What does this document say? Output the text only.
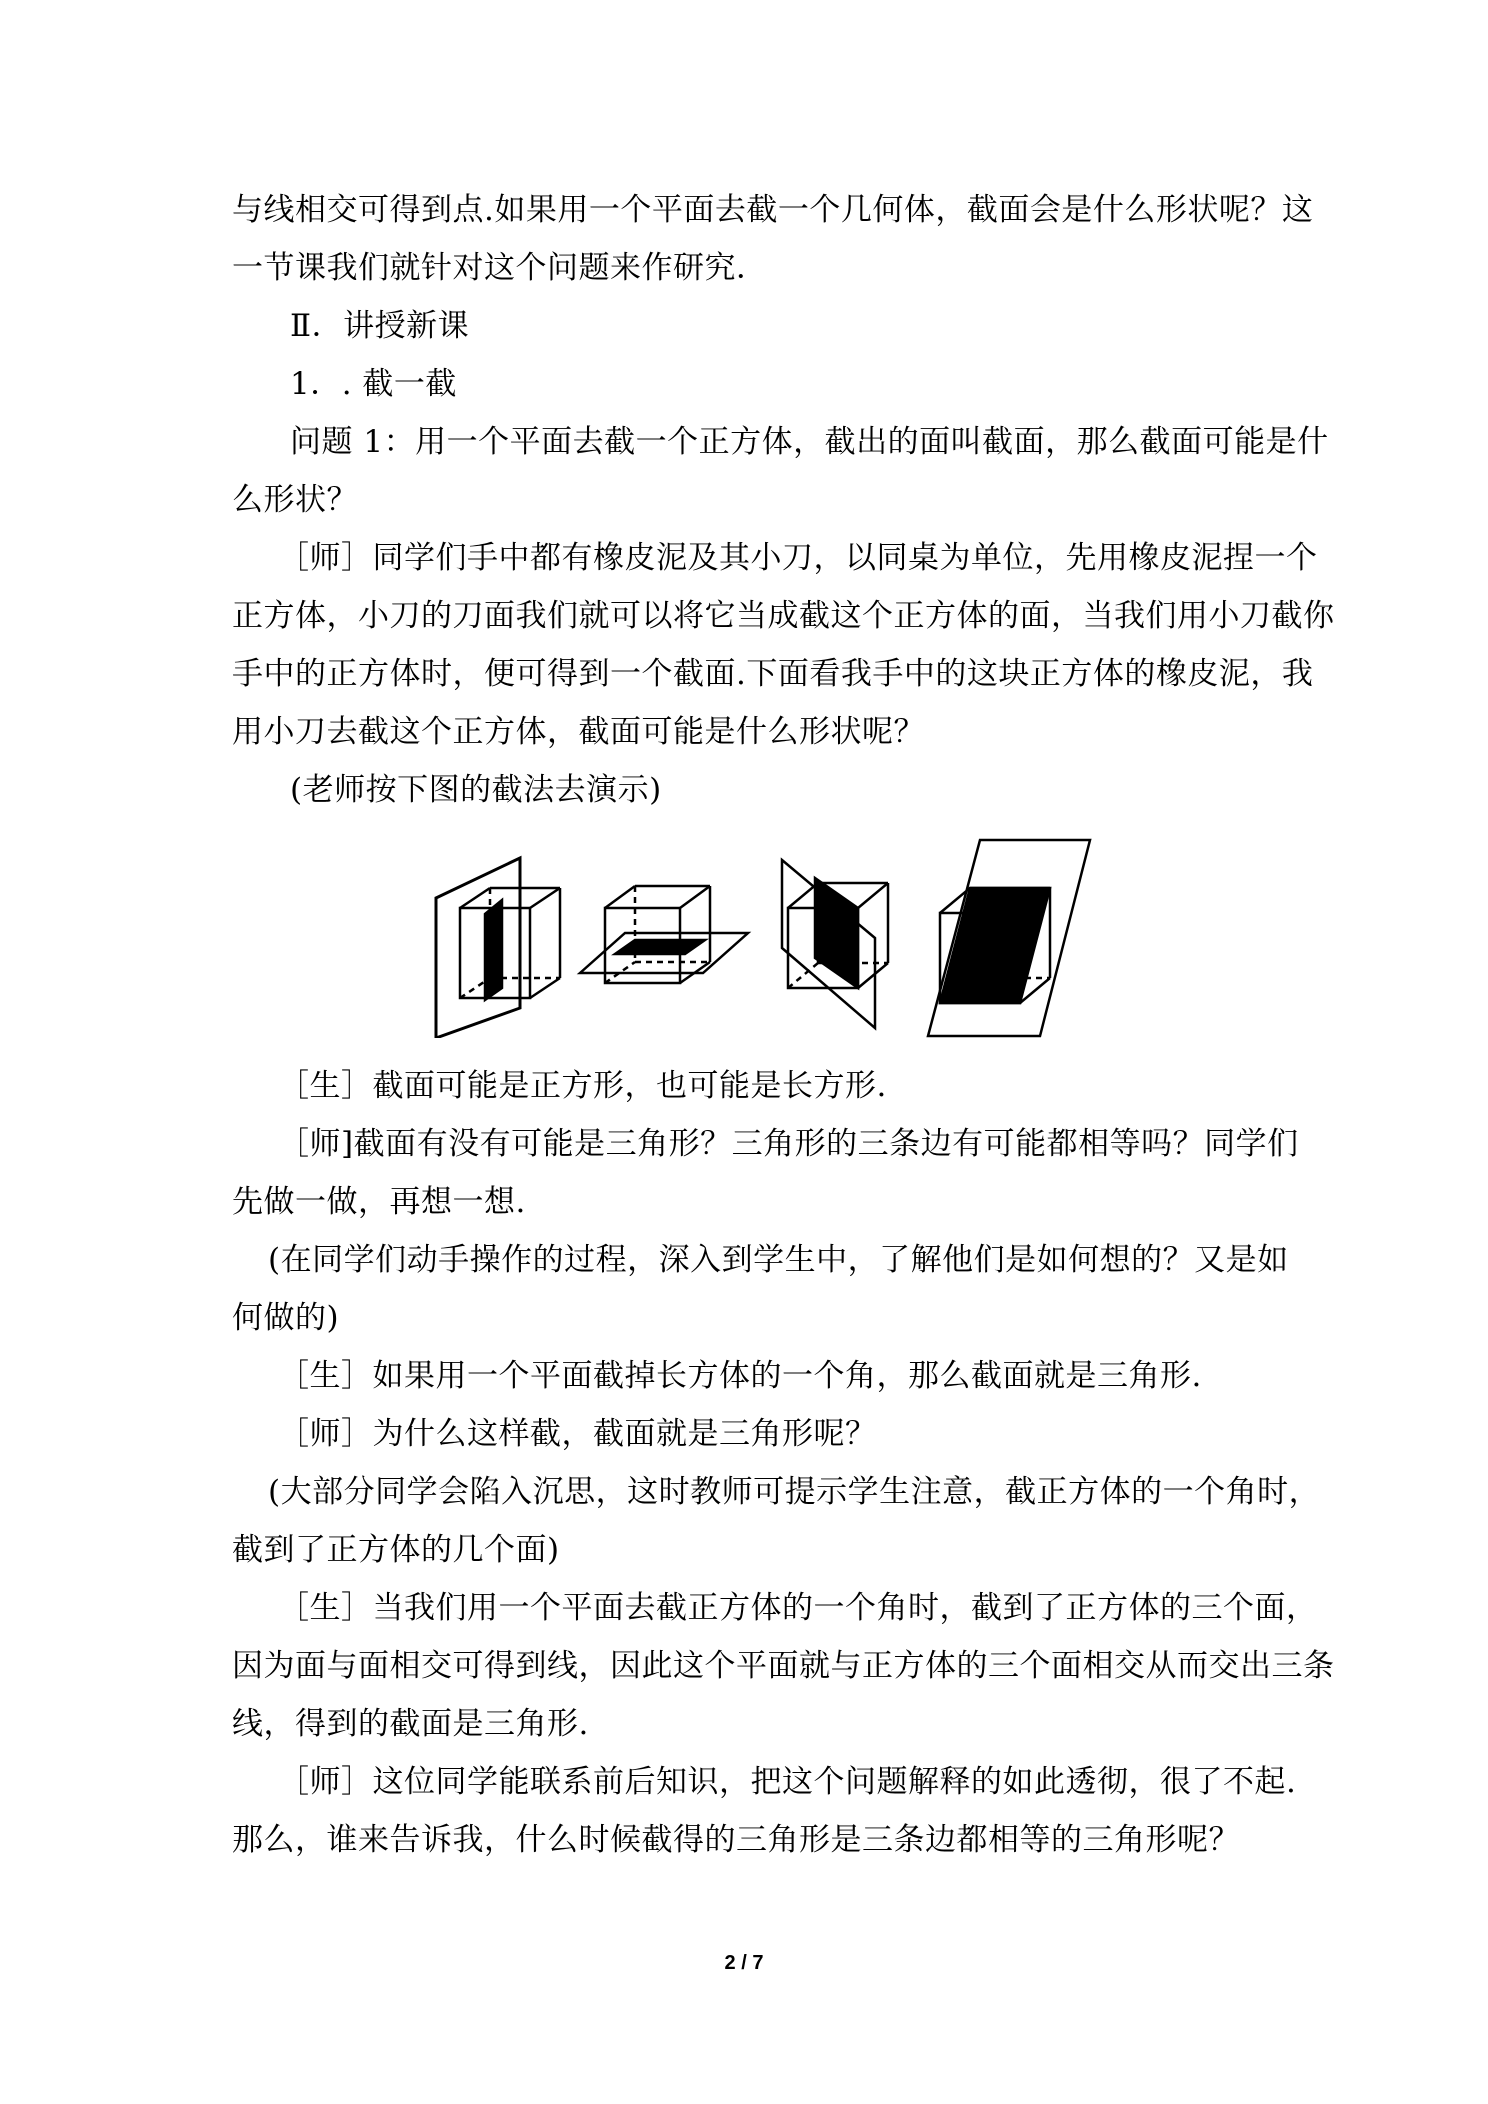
与线相交可得到点.如果用一个平面去截一个几何体，截面会是什么形状呢？这
一节课我们就针对这个问题来作研究．
Ⅱ．讲授新课
1．. 截一截
问题 1：用一个平面去截一个正方体，截出的面叫截面，那么截面可能是什
么形状？
［师］同学们手中都有橡皮泥及其小刀，以同桌为单位，先用橡皮泥捏一个
正方体，小刀的刀面我们就可以将它当成截这个正方体的面，当我们用小刀截你
手中的正方体时，便可得到一个截面.下面看我手中的这块正方体的橡皮泥，我
用小刀去截这个正方体，截面可能是什么形状呢？
(老师按下图的截法去演示)
［生］截面可能是正方形，也可能是长方形.
［师]截面有没有可能是三角形？三角形的三条边有可能都相等吗？同学们
先做一做，再想一想.
(在同学们动手操作的过程，深入到学生中，了解他们是如何想的？又是如
何做的)
［生］如果用一个平面截掉长方体的一个角，那么截面就是三角形.
［师］为什么这样截，截面就是三角形呢？
(大部分同学会陷入沉思，这时教师可提示学生注意，截正方体的一个角时，
截到了正方体的几个面)
［生］当我们用一个平面去截正方体的一个角时，截到了正方体的三个面，
因为面与面相交可得到线，因此这个平面就与正方体的三个面相交从而交出三条
线，得到的截面是三角形.
［师］这位同学能联系前后知识，把这个问题解释的如此透彻，很了不起.
那么，谁来告诉我，什么时候截得的三角形是三条边都相等的三角形呢？
2 / 7
